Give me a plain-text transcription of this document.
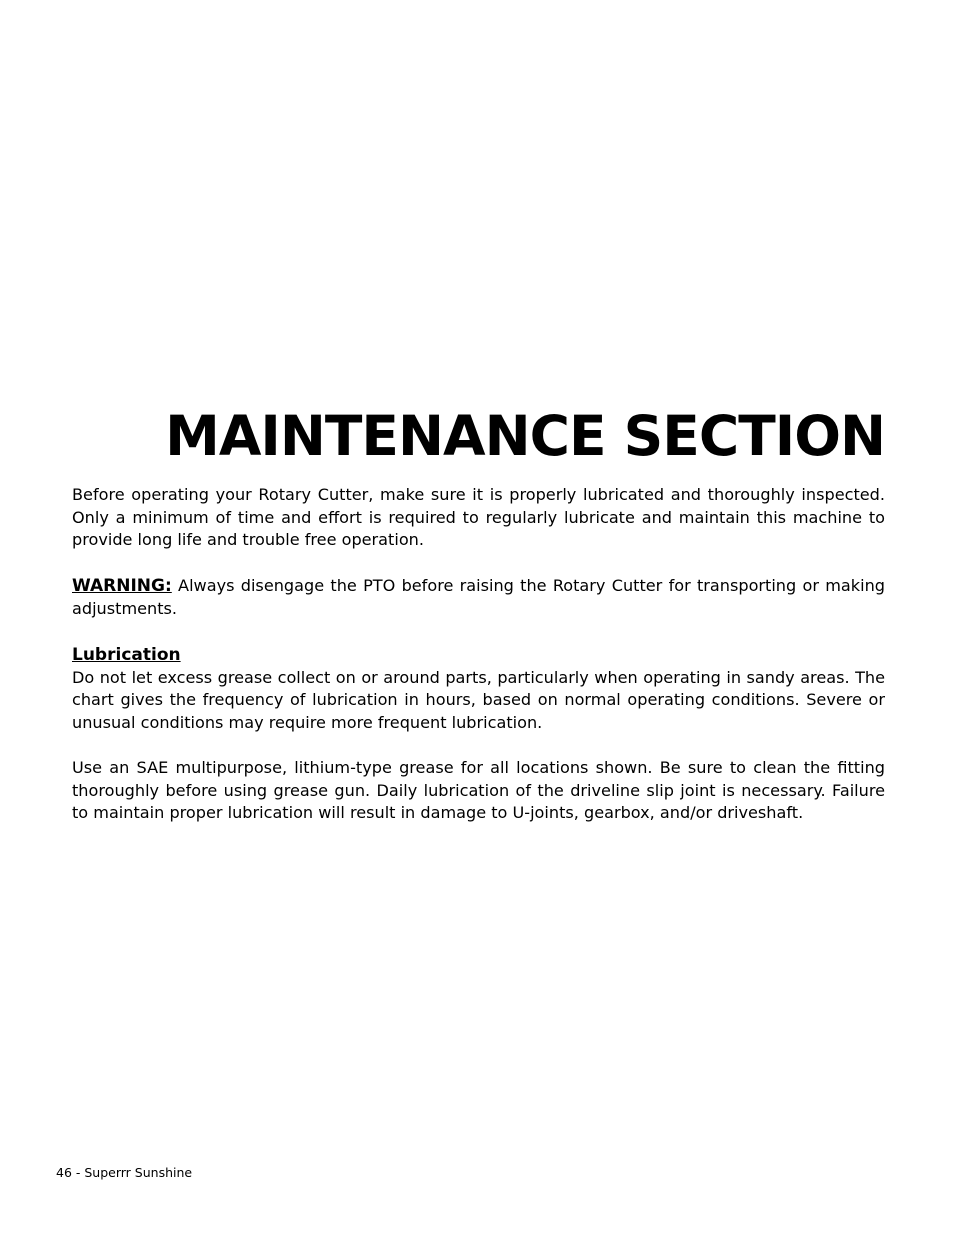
MAINTENANCE SECTION

Before operating your Rotary Cutter, make sure it is properly lubricated and thoroughly inspected. Only a minimum of time and effort is required to regularly lubricate and maintain this machine to provide long life and trouble free operation.

WARNING: Always disengage the PTO before raising the Rotary Cutter for transporting or making adjustments.

Lubrication
Do not let excess grease collect on or around parts, particularly when operating in sandy areas. The chart gives the frequency of lubrication in hours, based on normal operating conditions. Severe or unusual conditions may require more frequent lubrication.

Use an SAE multipurpose, lithium-type grease for all locations shown. Be sure to clean the fitting thoroughly before using grease gun. Daily lubrication of the driveline slip joint is necessary. Failure to maintain proper lubrication will result in damage to U-joints, gearbox, and/or driveshaft.

46 - Superrr Sunshine
